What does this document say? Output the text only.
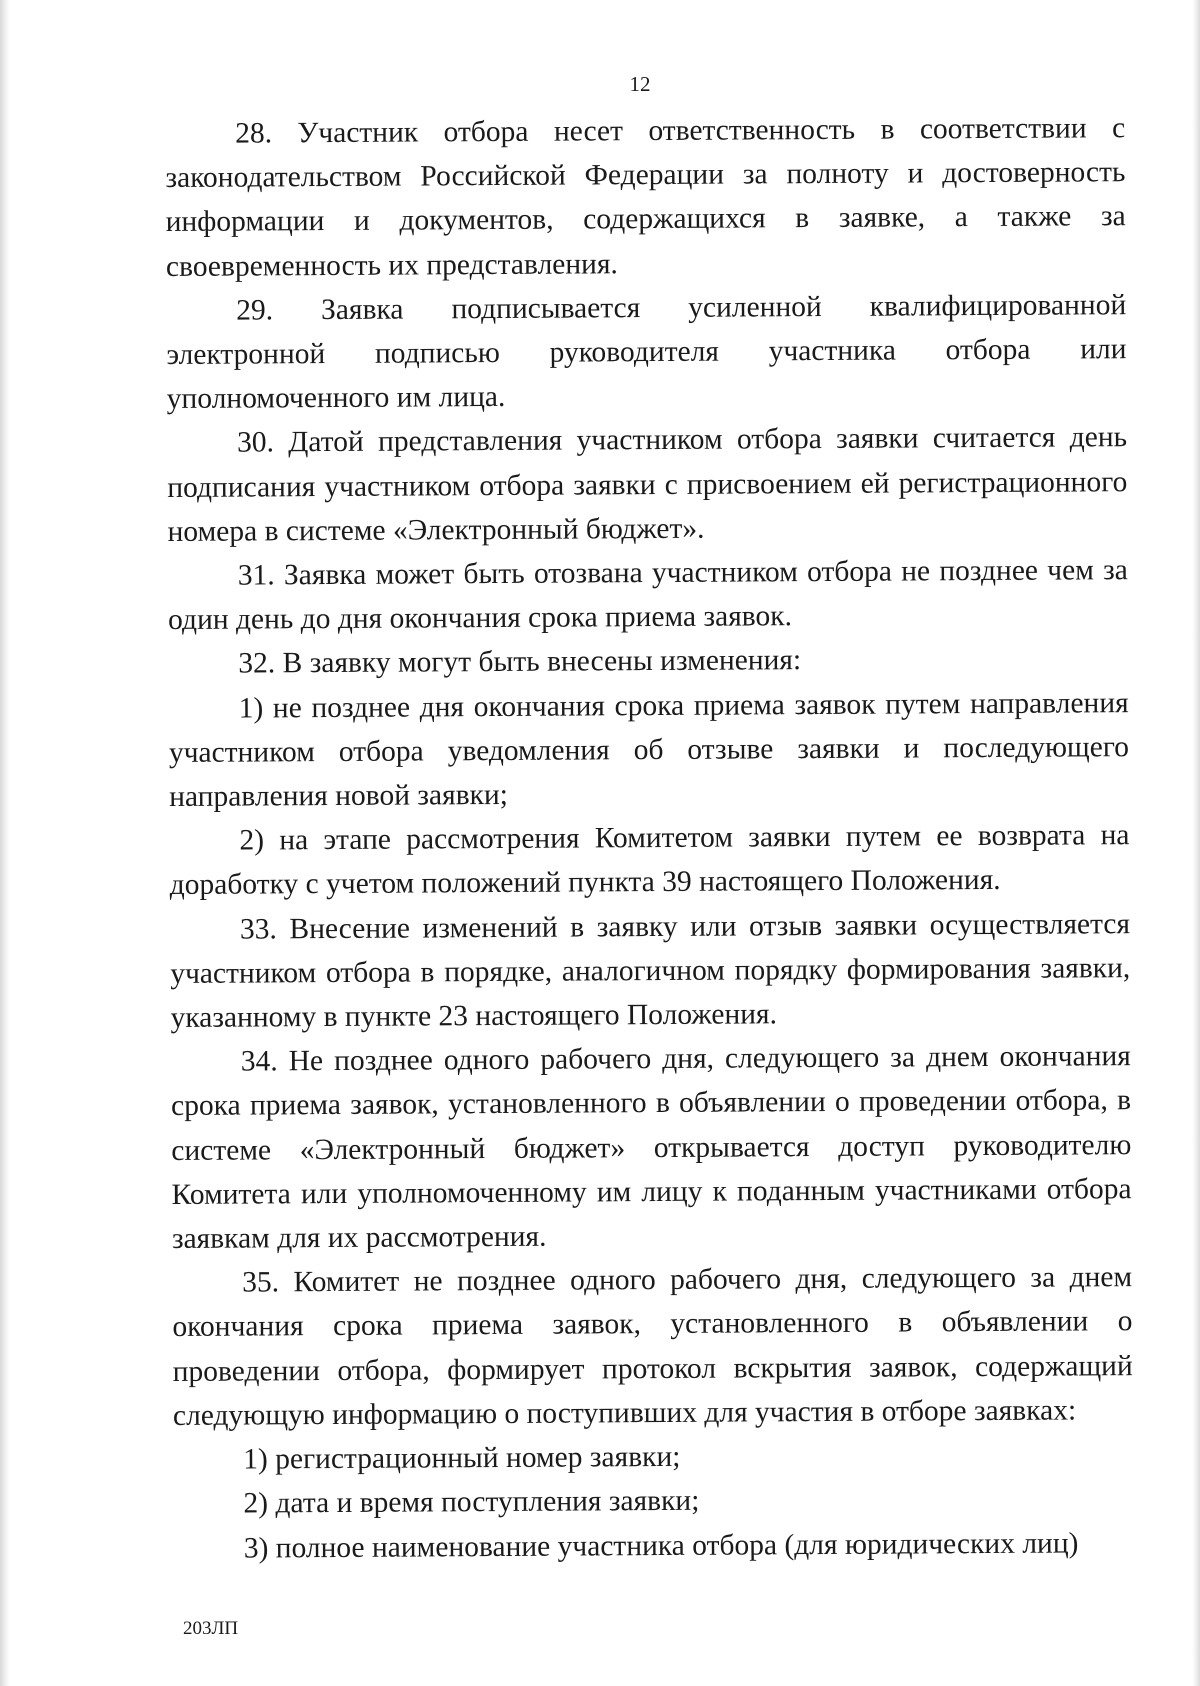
12

28. Участник отбора несет ответственность в соответствии с законодательством Российской Федерации за полноту и достоверность информации и документов, содержащихся в заявке, а также за своевременность их представления.

29. Заявка подписывается усиленной квалифицированной электронной подписью руководителя участника отбора или уполномоченного им лица.

30. Датой представления участником отбора заявки считается день подписания участником отбора заявки с присвоением ей регистрационного номера в системе «Электронный бюджет».

31. Заявка может быть отозвана участником отбора не позднее чем за один день до дня окончания срока приема заявок.

32. В заявку могут быть внесены изменения:

1) не позднее дня окончания срока приема заявок путем направления участником отбора уведомления об отзыве заявки и последующего направления новой заявки;

2) на этапе рассмотрения Комитетом заявки путем ее возврата на доработку с учетом положений пункта 39 настоящего Положения.

33. Внесение изменений в заявку или отзыв заявки осуществляется участником отбора в порядке, аналогичном порядку формирования заявки, указанному в пункте 23 настоящего Положения.

34. Не позднее одного рабочего дня, следующего за днем окончания срока приема заявок, установленного в объявлении о проведении отбора, в системе «Электронный бюджет» открывается доступ руководителю Комитета или уполномоченному им лицу к поданным участниками отбора заявкам для их рассмотрения.

35. Комитет не позднее одного рабочего дня, следующего за днем окончания срока приема заявок, установленного в объявлении о проведении отбора, формирует протокол вскрытия заявок, содержащий следующую информацию о поступивших для участия в отборе заявках:

1) регистрационный номер заявки;

2) дата и время поступления заявки;

3) полное наименование участника отбора (для юридических лиц)

203ЛП
